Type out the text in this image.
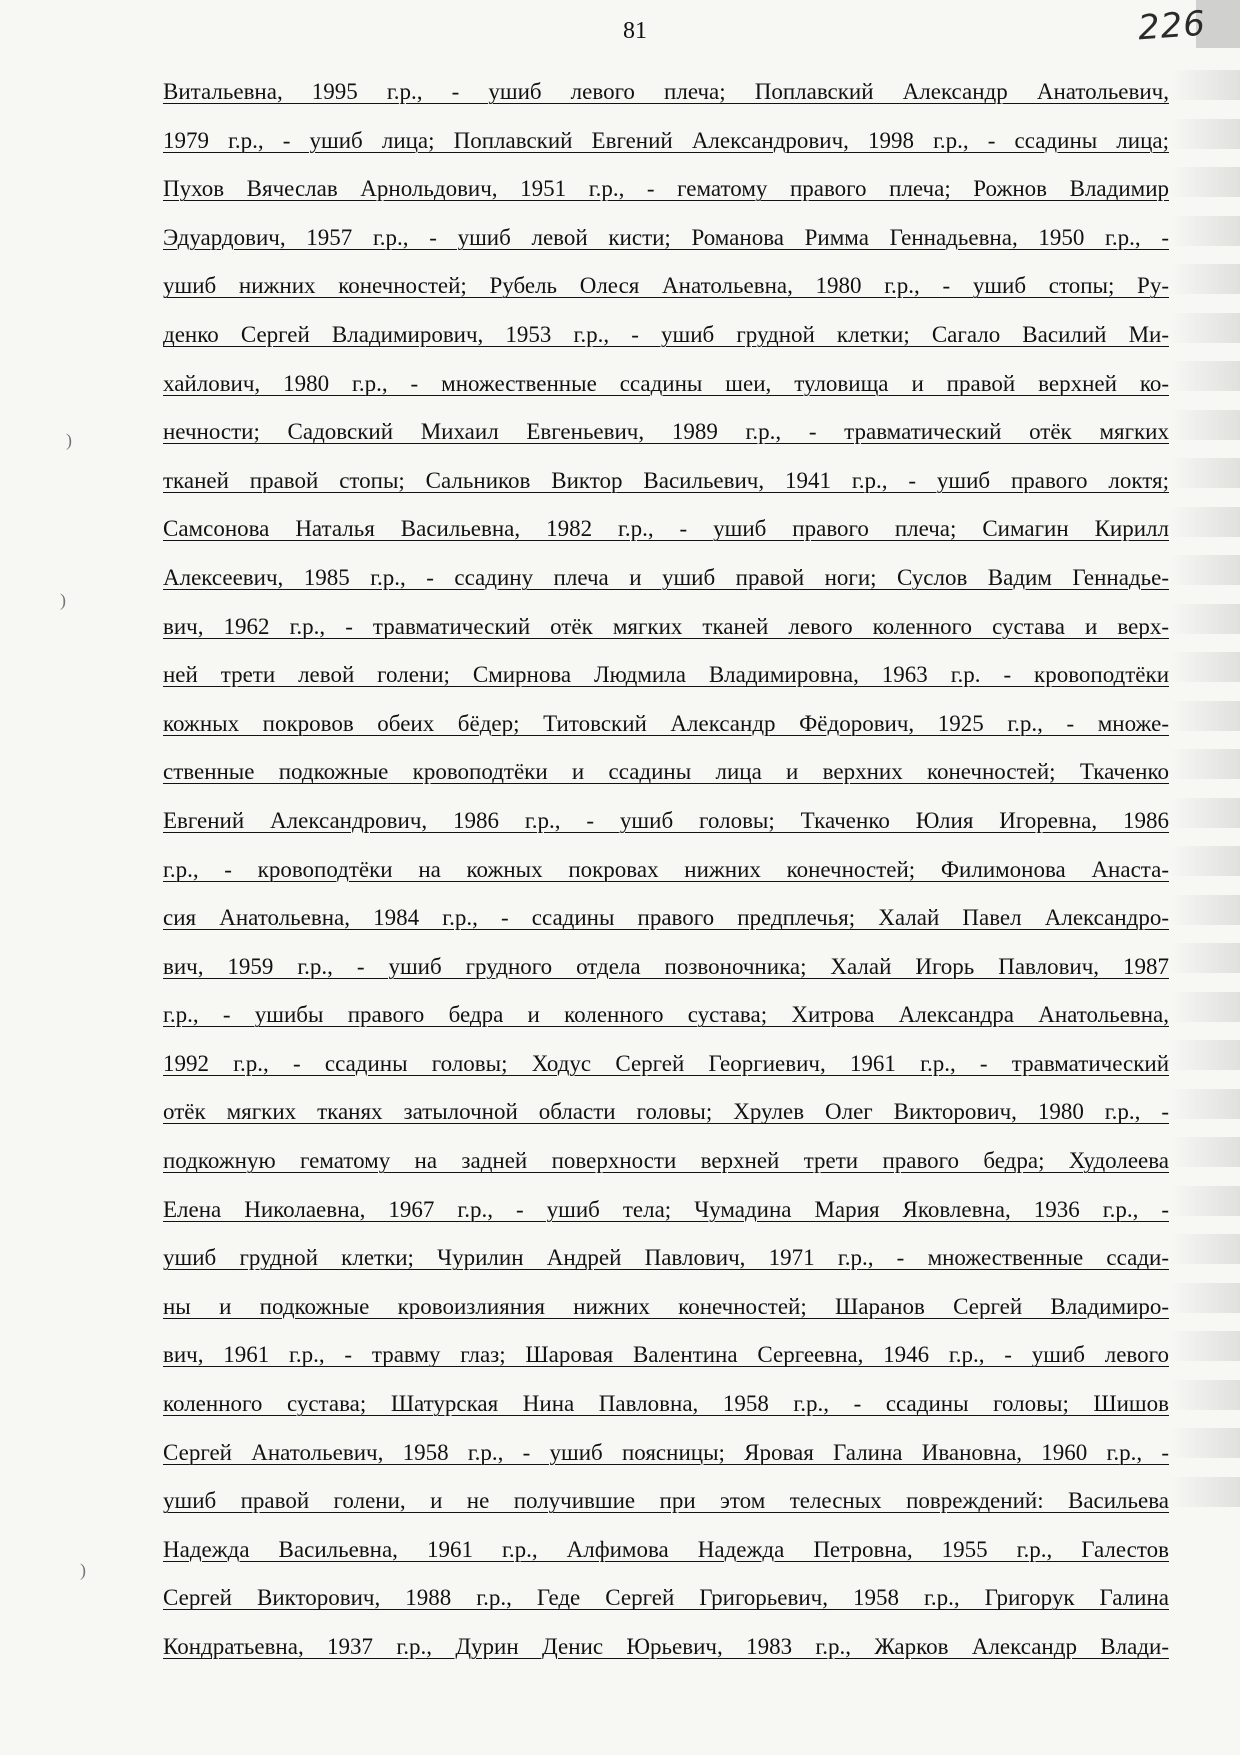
81	226
)
)
)
Витальевна, 1995 г.р., - ушиб левого плеча; Поплавский Александр Анатольевич,
1979 г.р., - ушиб лица; Поплавский Евгений Александрович, 1998 г.р., - ссадины лица;
Пухов Вячеслав Арнольдович, 1951 г.р., - гематому правого плеча; Рожнов Владимир
Эдуардович, 1957 г.р., - ушиб левой кисти; Романова Римма Геннадьевна, 1950 г.р., -
ушиб нижних конечностей; Рубель Олеся Анатольевна, 1980 г.р., - ушиб стопы; Ру-
денко Сергей Владимирович, 1953 г.р., - ушиб грудной клетки; Сагало Василий Ми-
хайлович, 1980 г.р., - множественные ссадины шеи, туловища и правой верхней ко-
нечности; Садовский Михаил Евгеньевич, 1989 г.р., - травматический отёк мягких
тканей правой стопы; Сальников Виктор Васильевич, 1941 г.р., - ушиб правого локтя;
Самсонова Наталья Васильевна, 1982 г.р., - ушиб правого плеча; Симагин Кирилл
Алексеевич, 1985 г.р., - ссадину плеча и ушиб правой ноги; Суслов Вадим Геннадье-
вич, 1962 г.р., - травматический отёк мягких тканей левого коленного сустава и верх-
ней трети левой голени; Смирнова Людмила Владимировна, 1963 г.р. - кровоподтёки
кожных покровов обеих бёдер; Титовский Александр Фёдорович, 1925 г.р., - множе-
ственные подкожные кровоподтёки и ссадины лица и верхних конечностей; Ткаченко
Евгений Александрович, 1986 г.р., - ушиб головы; Ткаченко Юлия Игоревна, 1986
г.р., - кровоподтёки на кожных покровах нижних конечностей; Филимонова Анаста-
сия Анатольевна, 1984 г.р., - ссадины правого предплечья; Халай Павел Александро-
вич, 1959 г.р., - ушиб грудного отдела позвоночника; Халай Игорь Павлович, 1987
г.р., - ушибы правого бедра и коленного сустава; Хитрова Александра Анатольевна,
1992 г.р., - ссадины головы; Ходус Сергей Георгиевич, 1961 г.р., - травматический
отёк мягких тканях затылочной области головы; Хрулев Олег Викторович, 1980 г.р., -
подкожную гематому на задней поверхности верхней трети правого бедра; Худолеева
Елена Николаевна, 1967 г.р., - ушиб тела; Чумадина Мария Яковлевна, 1936 г.р., -
ушиб грудной клетки; Чурилин Андрей Павлович, 1971 г.р., - множественные ссади-
ны и подкожные кровоизлияния нижних конечностей; Шаранов Сергей Владимиро-
вич, 1961 г.р., - травму глаз; Шаровая Валентина Сергеевна, 1946 г.р., - ушиб левого
коленного сустава; Шатурская Нина Павловна, 1958 г.р., - ссадины головы; Шишов
Сергей Анатольевич, 1958 г.р., - ушиб поясницы; Яровая Галина Ивановна, 1960 г.р., -
ушиб правой голени, и не получившие при этом телесных повреждений: Васильева
Надежда Васильевна, 1961 г.р., Алфимова Надежда Петровна, 1955 г.р., Галестов
Сергей Викторович, 1988 г.р., Геде Сергей Григорьевич, 1958 г.р., Григорук Галина
Кондратьевна, 1937 г.р., Дурин Денис Юрьевич, 1983 г.р., Жарков Александр Влади-
